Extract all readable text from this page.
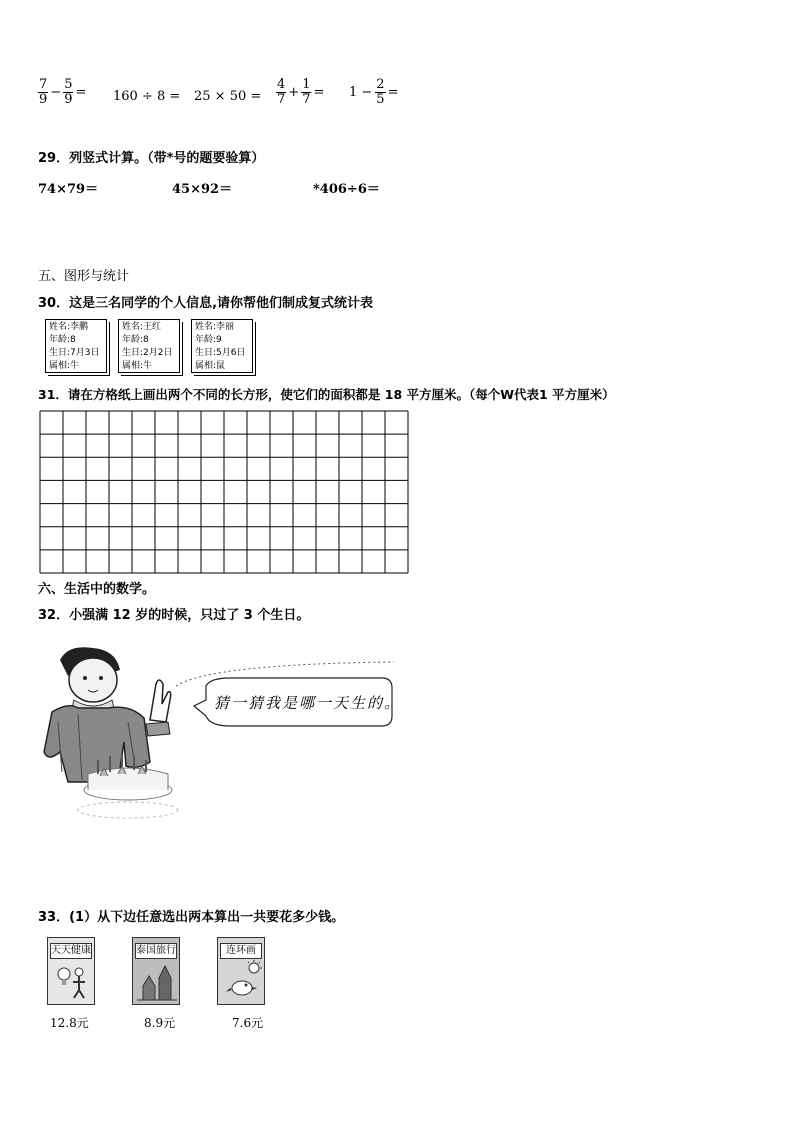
$\frac{7}{9} - \frac{5}{9} = 160 \div 8 = 25 \times 50 = \frac{4}{7} + \frac{1}{7} = 1 - \frac{2}{5}$ =
29．列竖式计算。（带*号的题要验算）
74×79＝	45×92＝	*406÷6＝
五、图形与统计
30．这是三名同学的个人信息,请你帮他们制成复式统计表
姓名:李鹏
年龄:8
生日:7月3日
属相:牛
姓名:王红
年龄:8
生日:2月2日
属相:牛
姓名:李丽
年龄:9
生日:5月6日
属相:鼠
31．请在方格纸上画出两个不同的长方形，使它们的面积都是 18 平方厘米。（每个W代表1 平方厘米）
六、生活中的数学。
32．小强满 12 岁的时候，只过了 3 个生日。
猜一猜我是哪一天生的。
33．(1）从下边任意选出两本算出一共要花多少钱。
天天健康
12.8元
泰国旅行
8.9元
连环画
7.6元
